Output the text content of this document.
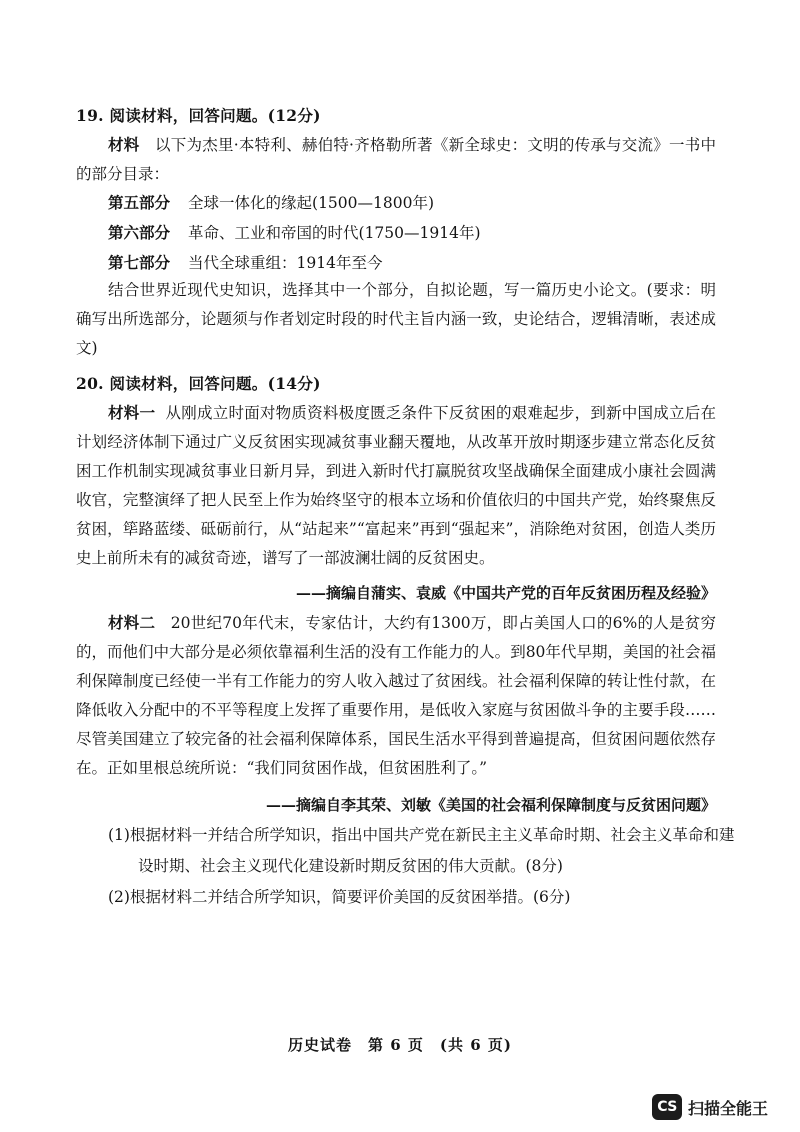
19. 阅读材料，回答问题。(12分)
材料 以下为杰里·本特利、赫伯特·齐格勒所著《新全球史：文明的传承与交流》一书中的部分目录：
第五部分 全球一体化的缘起(1500—1800年)
第六部分 革命、工业和帝国的时代(1750—1914年)
第七部分 当代全球重组：1914年至今
结合世界近现代史知识，选择其中一个部分，自拟论题，写一篇历史小论文。(要求：明确写出所选部分，论题须与作者划定时段的时代主旨内涵一致，史论结合，逻辑清晰，表述成文)
20. 阅读材料，回答问题。(14分)
材料一 从刚成立时面对物质资料极度匮乏条件下反贫困的艰难起步，到新中国成立后在计划经济体制下通过广义反贫困实现减贫事业翻天覆地，从改革开放时期逐步建立常态化反贫困工作机制实现减贫事业日新月异，到进入新时代打赢脱贫攻坚战确保全面建成小康社会圆满收官，完整演绎了把人民至上作为始终坚守的根本立场和价值依归的中国共产党，始终聚焦反贫困，筚路蓝缕、砥砺前行，从“站起来”“富起来”再到“强起来”，消除绝对贫困，创造人类历史上前所未有的减贫奇迹，谱写了一部波澜壮阔的反贫困史。
——摘编自蒲实、袁威《中国共产党的百年反贫困历程及经验》
材料二 20世纪70年代末，专家估计，大约有1300万，即占美国人口的6%的人是贫穷的，而他们中大部分是必须依靠福利生活的没有工作能力的人。到80年代早期，美国的社会福利保障制度已经使一半有工作能力的穷人收入越过了贫困线。社会福利保障的转让性付款，在降低收入分配中的不平等程度上发挥了重要作用，是低收入家庭与贫困做斗争的主要手段……尽管美国建立了较完备的社会福利保障体系，国民生活水平得到普遍提高，但贫困问题依然存在。正如里根总统所说：“我们同贫困作战，但贫困胜利了。”
——摘编自李其荣、刘敏《美国的社会福利保障制度与反贫困问题》
(1)根据材料一并结合所学知识，指出中国共产党在新民主主义革命时期、社会主义革命和建设时期、社会主义现代化建设新时期反贫困的伟大贡献。(8分)
(2)根据材料二并结合所学知识，简要评价美国的反贫困举措。(6分)
历史试卷　第 6 页　(共 6 页)
CS 扫描全能王
